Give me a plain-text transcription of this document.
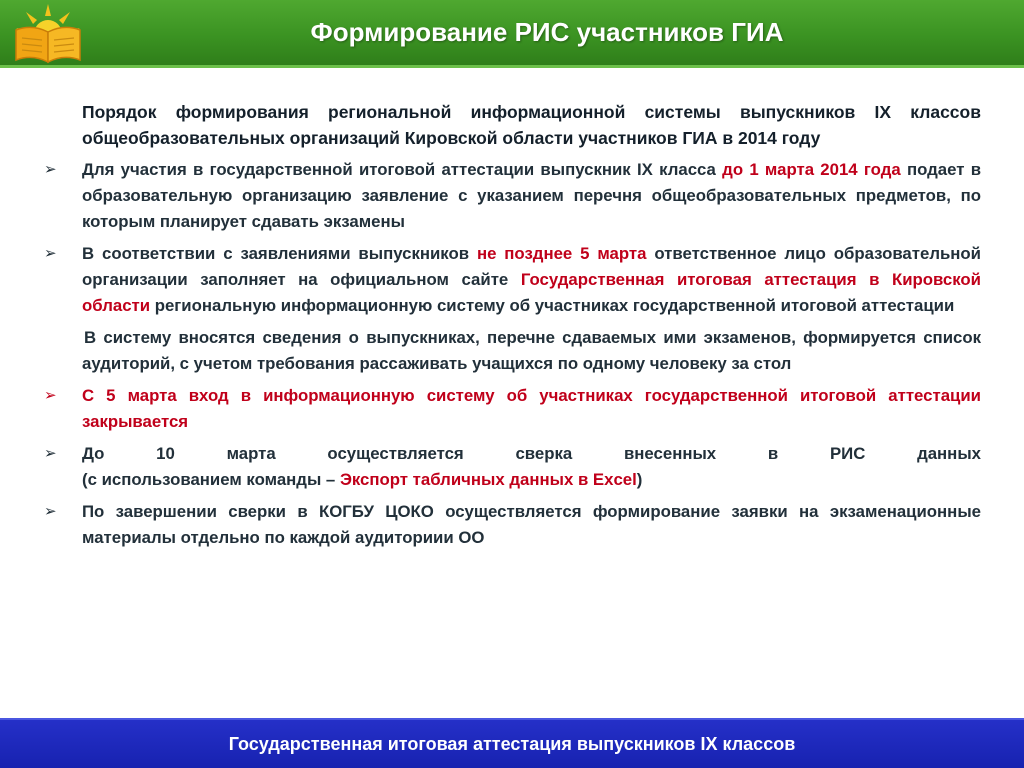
Формирование РИС участников ГИА
Порядок формирования региональной информационной системы выпускников IX классов общеобразовательных организаций Кировской области участников ГИА в 2014 году
➢	Для участия в государственной итоговой аттестации выпускник IX класса до 1 марта 2014 года подает в образовательную организацию заявление с указанием перечня общеобразовательных предметов, по которым планирует сдавать экзамены
➢	В соответствии с заявлениями выпускников не позднее 5 марта ответственное лицо образовательной организации заполняет на официальном сайте Государственная итоговая аттестация в Кировской области региональную информационную систему об участниках государственной итоговой аттестации
В систему вносятся сведения о выпускниках, перечне сдаваемых ими экзаменов, формируется список аудиторий, с учетом требования рассаживать учащихся по одному человеку за стол
➢	С 5 марта вход в информационную систему об участниках государственной итоговой аттестации закрывается
➢	До 10 марта осуществляется сверка внесенных в РИС данных
(с использованием команды – Экспорт табличных данных в Excel)
➢	По завершении сверки в КОГБУ ЦОКО осуществляется формирование заявки на экзаменационные материалы отдельно по каждой аудиториии ОО
Государственная итоговая аттестация выпускников IX классов
